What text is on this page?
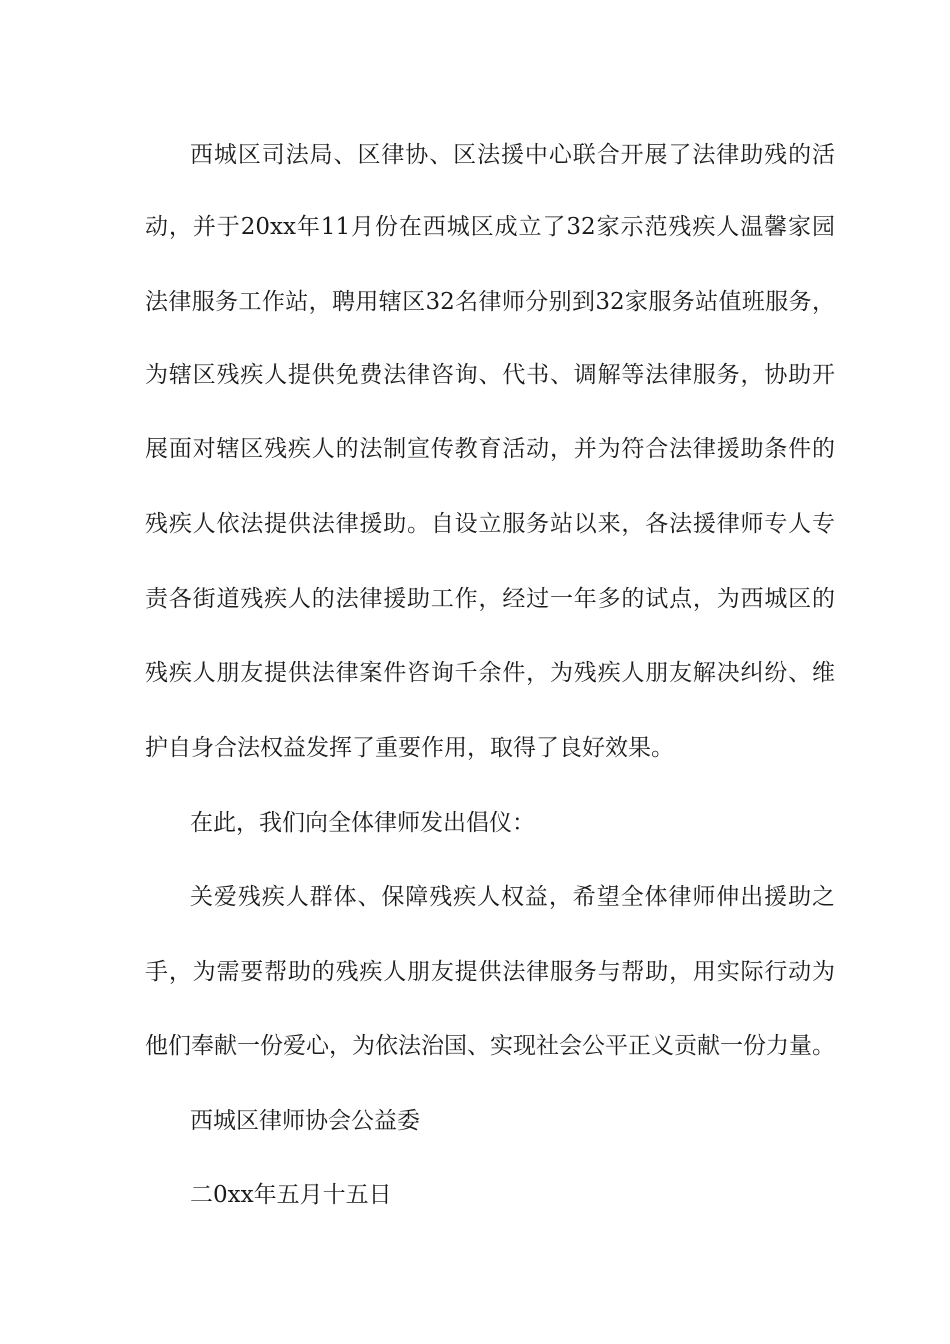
西城区司法局、区律协、区法援中心联合开展了法律助残的活
动，并于20xx年11月份在西城区成立了32家示范残疾人温馨家园
法律服务工作站，聘用辖区32名律师分别到32家服务站值班服务，
为辖区残疾人提供免费法律咨询、代书、调解等法律服务，协助开
展面对辖区残疾人的法制宣传教育活动，并为符合法律援助条件的
残疾人依法提供法律援助。自设立服务站以来，各法援律师专人专
责各街道残疾人的法律援助工作，经过一年多的试点，为西城区的
残疾人朋友提供法律案件咨询千余件，为残疾人朋友解决纠纷、维
护自身合法权益发挥了重要作用，取得了良好效果。
在此，我们向全体律师发出倡仪：
关爱残疾人群体、保障残疾人权益，希望全体律师伸出援助之
手，为需要帮助的残疾人朋友提供法律服务与帮助，用实际行动为
他们奉献一份爱心，为依法治国、实现社会公平正义贡献一份力量。
西城区律师协会公益委
二0xx年五月十五日
